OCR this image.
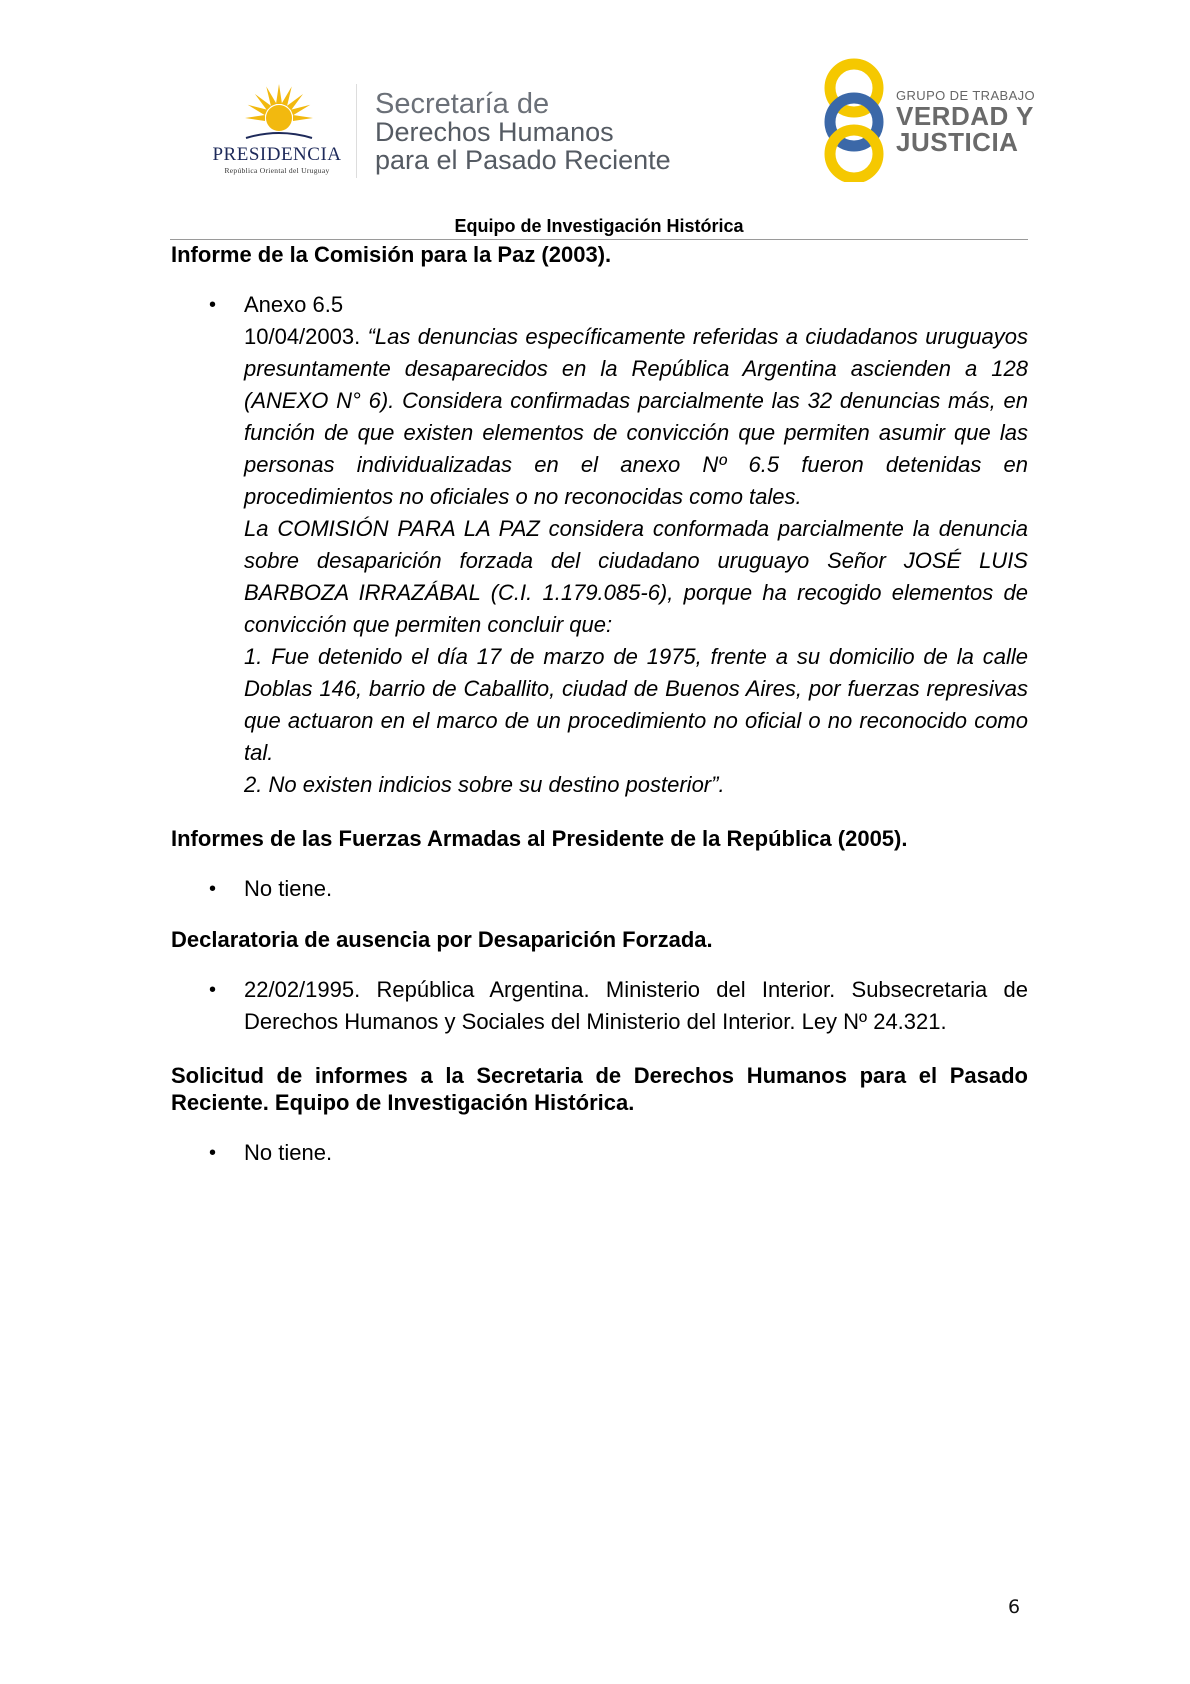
PRESIDENCIA
República Oriental del Uruguay
Secretaría de
Derechos Humanos
para el Pasado Reciente
GRUPO DE TRABAJO
VERDAD Y
JUSTICIA
Equipo de Investigación Histórica
Informe de la Comisión para la Paz (2003).
• Anexo 6.5
10/04/2003. “Las denuncias específicamente referidas a ciudadanos uruguayos presuntamente desaparecidos en la República Argentina ascienden a 128 (ANEXO N° 6). Considera confirmadas parcialmente las 32 denuncias más, en función de que existen elementos de convicción que permiten asumir que las personas individualizadas en el anexo Nº 6.5 fueron detenidas en procedimientos no oficiales o no reconocidas como tales.
La COMISIÓN PARA LA PAZ considera conformada parcialmente la denuncia sobre desaparición forzada del ciudadano uruguayo Señor JOSÉ LUIS BARBOZA IRRAZÁBAL (C.I. 1.179.085-6), porque ha recogido elementos de convicción que permiten concluir que:
1. Fue detenido el día 17 de marzo de 1975, frente a su domicilio de la calle Doblas 146, barrio de Caballito, ciudad de Buenos Aires, por fuerzas represivas que actuaron en el marco de un procedimiento no oficial o no reconocido como tal.
2. No existen indicios sobre su destino posterior”.
Informes de las Fuerzas Armadas al Presidente de la República (2005).
• No tiene.
Declaratoria de ausencia por Desaparición Forzada.
• 22/02/1995. República Argentina. Ministerio del Interior. Subsecretaria de Derechos Humanos y Sociales del Ministerio del Interior. Ley Nº 24.321.
Solicitud de informes a la Secretaria de Derechos Humanos para el Pasado Reciente. Equipo de Investigación Histórica.
• No tiene.
6
